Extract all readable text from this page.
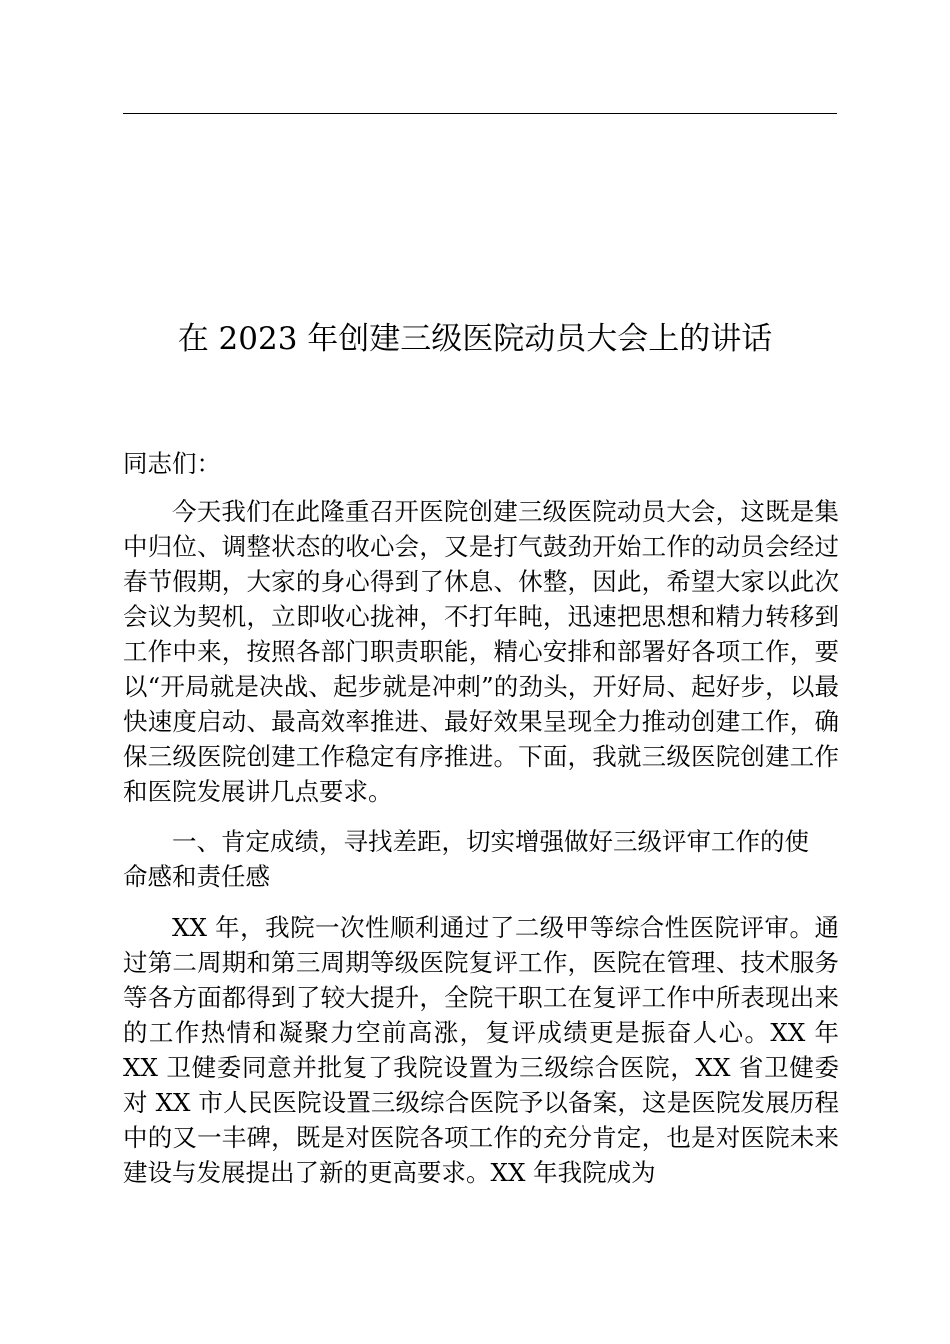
在 2023 年创建三级医院动员大会上的讲话
同志们：
今天我们在此隆重召开医院创建三级医院动员大会，这既是集中归位、调整状态的收心会，又是打气鼓劲开始工作的动员会经过春节假期，大家的身心得到了休息、休整，因此，希望大家以此次会议为契机，立即收心拢神，不打年盹，迅速把思想和精力转移到工作中来，按照各部门职责职能，精心安排和部署好各项工作，要以“开局就是决战、起步就是冲刺”的劲头，开好局、起好步，以最快速度启动、最高效率推进、最好效果呈现全力推动创建工作，确保三级医院创建工作稳定有序推进。下面，我就三级医院创建工作和医院发展讲几点要求。
一、肯定成绩，寻找差距，切实增强做好三级评审工作的使命感和责任感
XX 年，我院一次性顺利通过了二级甲等综合性医院评审。通过第二周期和第三周期等级医院复评工作，医院在管理、技术服务等各方面都得到了较大提升，全院干职工在复评工作中所表现出来的工作热情和凝聚力空前高涨，复评成绩更是振奋人心。XX 年 XX 卫健委同意并批复了我院设置为三级综合医院，XX 省卫健委对 XX 市人民医院设置三级综合医院予以备案，这是医院发展历程中的又一丰碑，既是对医院各项工作的充分肯定，也是对医院未来建设与发展提出了新的更高要求。XX 年我院成为
